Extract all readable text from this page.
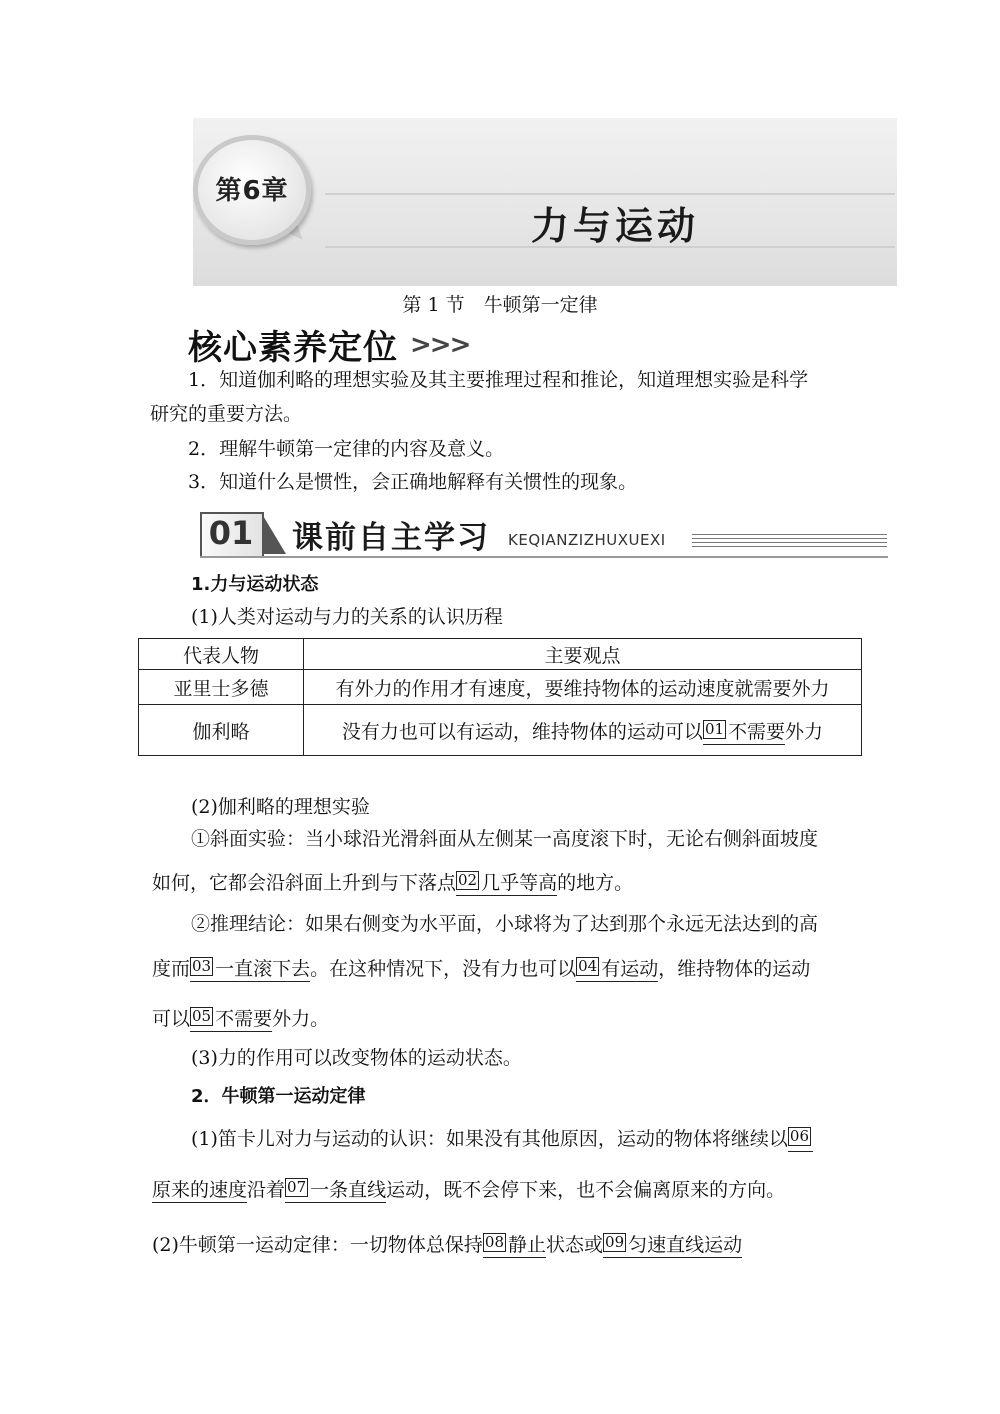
第6章
力与运动
第 1 节　牛顿第一定律
核心素养定位 >>>
1．知道伽利略的理想实验及其主要推理过程和推论，知道理想实验是科学
研究的重要方法。
2．理解牛顿第一定律的内容及意义。
3．知道什么是惯性，会正确地解释有关惯性的现象。
01 课前自主学习 KEQIANZIZHUXUEXI
1.力与运动状态
(1)人类对运动与力的关系的认识历程
代表人物	主要观点
亚里士多德	有外力的作用才有速度，要维持物体的运动速度就需要外力
伽利略	没有力也可以有运动，维持物体的运动可以 01 不需要外力
(2)伽利略的理想实验
①斜面实验：当小球沿光滑斜面从左侧某一高度滚下时，无论右侧斜面坡度
如何，它都会沿斜面上升到与下落点 02 几乎等高的地方。
②推理结论：如果右侧变为水平面，小球将为了达到那个永远无法达到的高
度而 03 一直滚下去。在这种情况下，没有力也可以 04 有运动，维持物体的运动
可以 05 不需要外力。
(3)力的作用可以改变物体的运动状态。
2．牛顿第一运动定律
(1)笛卡儿对力与运动的认识：如果没有其他原因，运动的物体将继续以 06
原来的速度沿着 07 一条直线运动，既不会停下来，也不会偏离原来的方向。
(2)牛顿第一运动定律：一切物体总保持 08 静止状态或 09 匀速直线运动
